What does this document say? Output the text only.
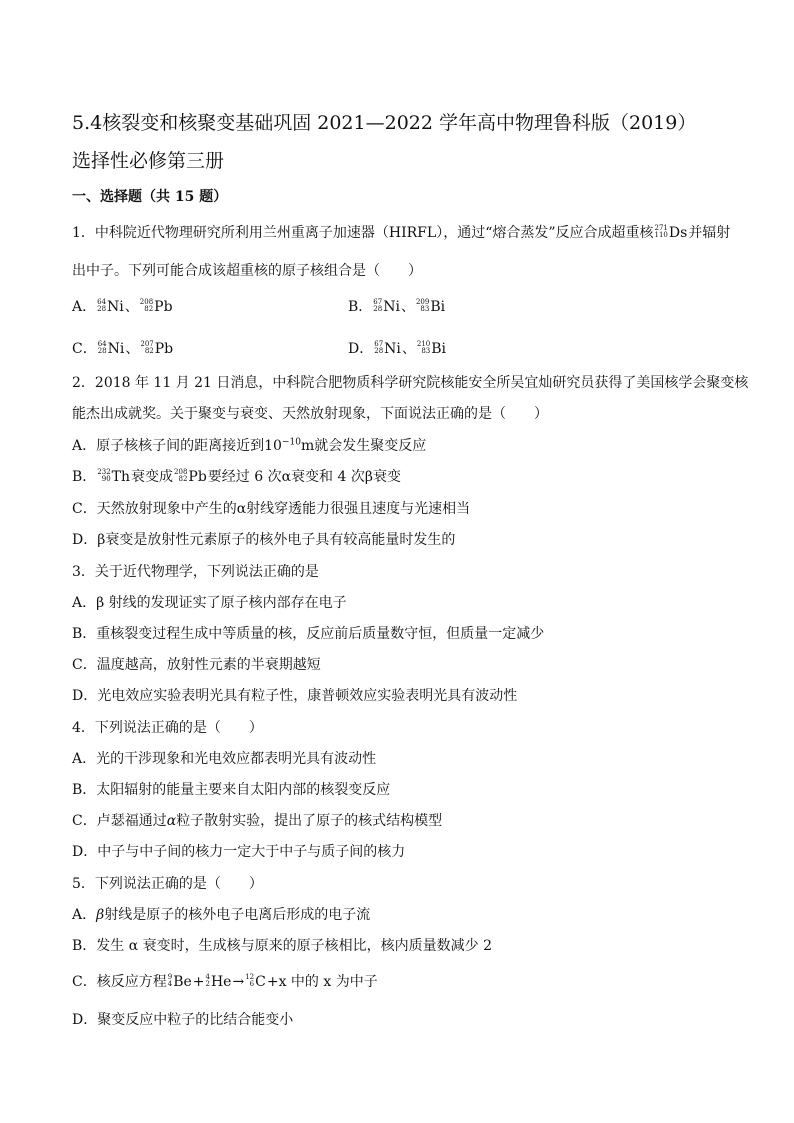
5.4核裂变和核聚变基础巩固 2021—2022 学年高中物理鲁科版（2019）
选择性必修第三册
一、选择题（共 15 题）
1．中科院近代物理研究所利用兰州重离子加速器（HIRFL），通过“熔合蒸发”反应合成超重核 271
110 Ds并辐射
出中子。下列可能合成该超重核的原子核组合是（　　）
A． 64
28 Ni、 208
82 Pb	B． 67
28 Ni、 209
83 Bi
C． 64
28 Ni、 207
82 Pb	D． 67
28 Ni、 210
83 Bi
2．2018 年 11 月 21 日消息，中科院合肥物质科学研究院核能安全所吴宜灿研究员获得了美国核学会聚变核
能杰出成就奖。关于聚变与衰变、天然放射现象，下面说法正确的是（　　）
A．原子核核子间的距离接近到$10^{-10}m$就会发生聚变反应
B． 232
90 Th衰变成 208
82 Pb要经过 6 次α衰变和 4 次β衰变
C．天然放射现象中产生的α射线穿透能力很强且速度与光速相当
D．β衰变是放射性元素原子的核外电子具有较高能量时发生的
3．关于近代物理学，下列说法正确的是
A．β 射线的发现证实了原子核内部存在电子
B．重核裂变过程生成中等质量的核，反应前后质量数守恒，但质量一定减少
C．温度越高，放射性元素的半衰期越短
D．光电效应实验表明光具有粒子性，康普顿效应实验表明光具有波动性
4．下列说法正确的是（　　）
A．光的干涉现象和光电效应都表明光具有波动性
B．太阳辐射的能量主要来自太阳内部的核裂变反应
C．卢瑟福通过α粒子散射实验，提出了原子的核式结构模型
D．中子与中子间的核力一定大于中子与质子间的核力
5．下列说法正确的是（　　）
A．β射线是原子的核外电子电离后形成的电子流
B．发生 α 衰变时，生成核与原来的原子核相比，核内质量数减少 2
C．核反应方程 9
4 Be+ 4
2 He→ 12
6 C+x 中的 x 为中子
D．聚变反应中粒子的比结合能变小
